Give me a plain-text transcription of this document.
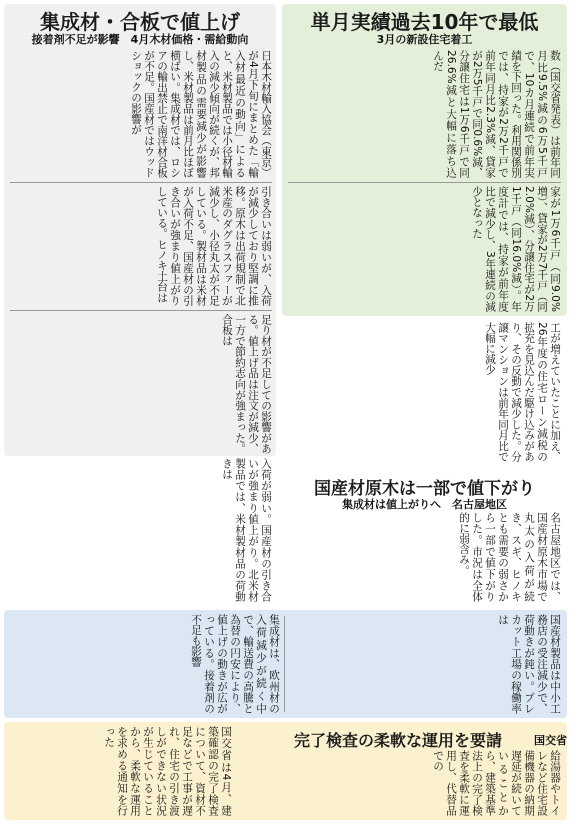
集成材・合板で値上げ
接着剤不足が影響　4月木材価格・需給動向
日本木材輸入協会（東京）が4月下旬にまとめた「輸入材最近の動向」によると、米材製品では小径材輸入の減少傾向が続くが、邦材製品の需要減少が影響し、米材製品は前月比ほぼ横ばい。集成材では、ロシアの輸出禁止で南洋材合板が不足。国産材ではウッドショックの影響が
引き合いは弱いが、入荷が減少しており堅調に推移。原木は出荷規制で北米産のダグラスファーが減少し、小径丸太が不足している。製材品は米材が入荷不足、国産材の引き合いが強まり値上がりしている。ヒノキ土台は
足り材が不足しての影響がある。値上げ品は注文が減少、一方で節約志向が強まった。合板は
入荷が弱い。国産材の引き合いが強まり値上がり。北米材製品では、米材製材品の荷動きは
単月実績過去10年で最低
3月の新設住宅着工
数（国交省発表）は前年同月比9.5%減の6万5千戸で、10カ月連続で前年実績を下回った。利用関係別では、持家が2万2千戸で前年同月比2.3%減、貸家が2万5千戸で同0.6%減、分譲住宅は1万6千戸で同26.6%減と大幅に落ち込んだ
家が1万6千戸（同9.0%増）、貸家が2万7千戸（同2.0%減）、分譲住宅が2万1千戸（同16.0%減）。年度計では、持家が前年度比で減少し、3年連続の減少となった
工が増えていたことに加え、26年度の住宅ローン減税の拡充を見込んだ駆け込みがあり、その反動で減少した。分譲マンションは前年同月比で大幅に減少
国産材原木は一部で値下がり
集成材は値上がりへ　名古屋地区
名古屋地区では、国産材原木市場で丸太の入荷が続き、スギ、ヒノキとも需要の弱さから一部で値下がりした。市況は全体的に弱含み。
集成材は、欧州材の入荷減少が続く中で、輸送費の高騰と為替の円安により、値上げの動きが広がっている。接着剤の不足も影響	国産材製品は中小工務店の受注減少で、荷動きが鈍い。プレカット工場の稼働率は
国交省は4月、建築確認の完了検査について、資材不足などで工事が遅れ、住宅の引き渡しができない状況が生じていることから、柔軟な運用を求める通知を行った	完了検査の柔軟な運用を要請	国交省
給湯器やトイレなど住宅設備機器の納期遅延が続いていることから、建築基準法上の完了検査を柔軟に運用し、代替品での
